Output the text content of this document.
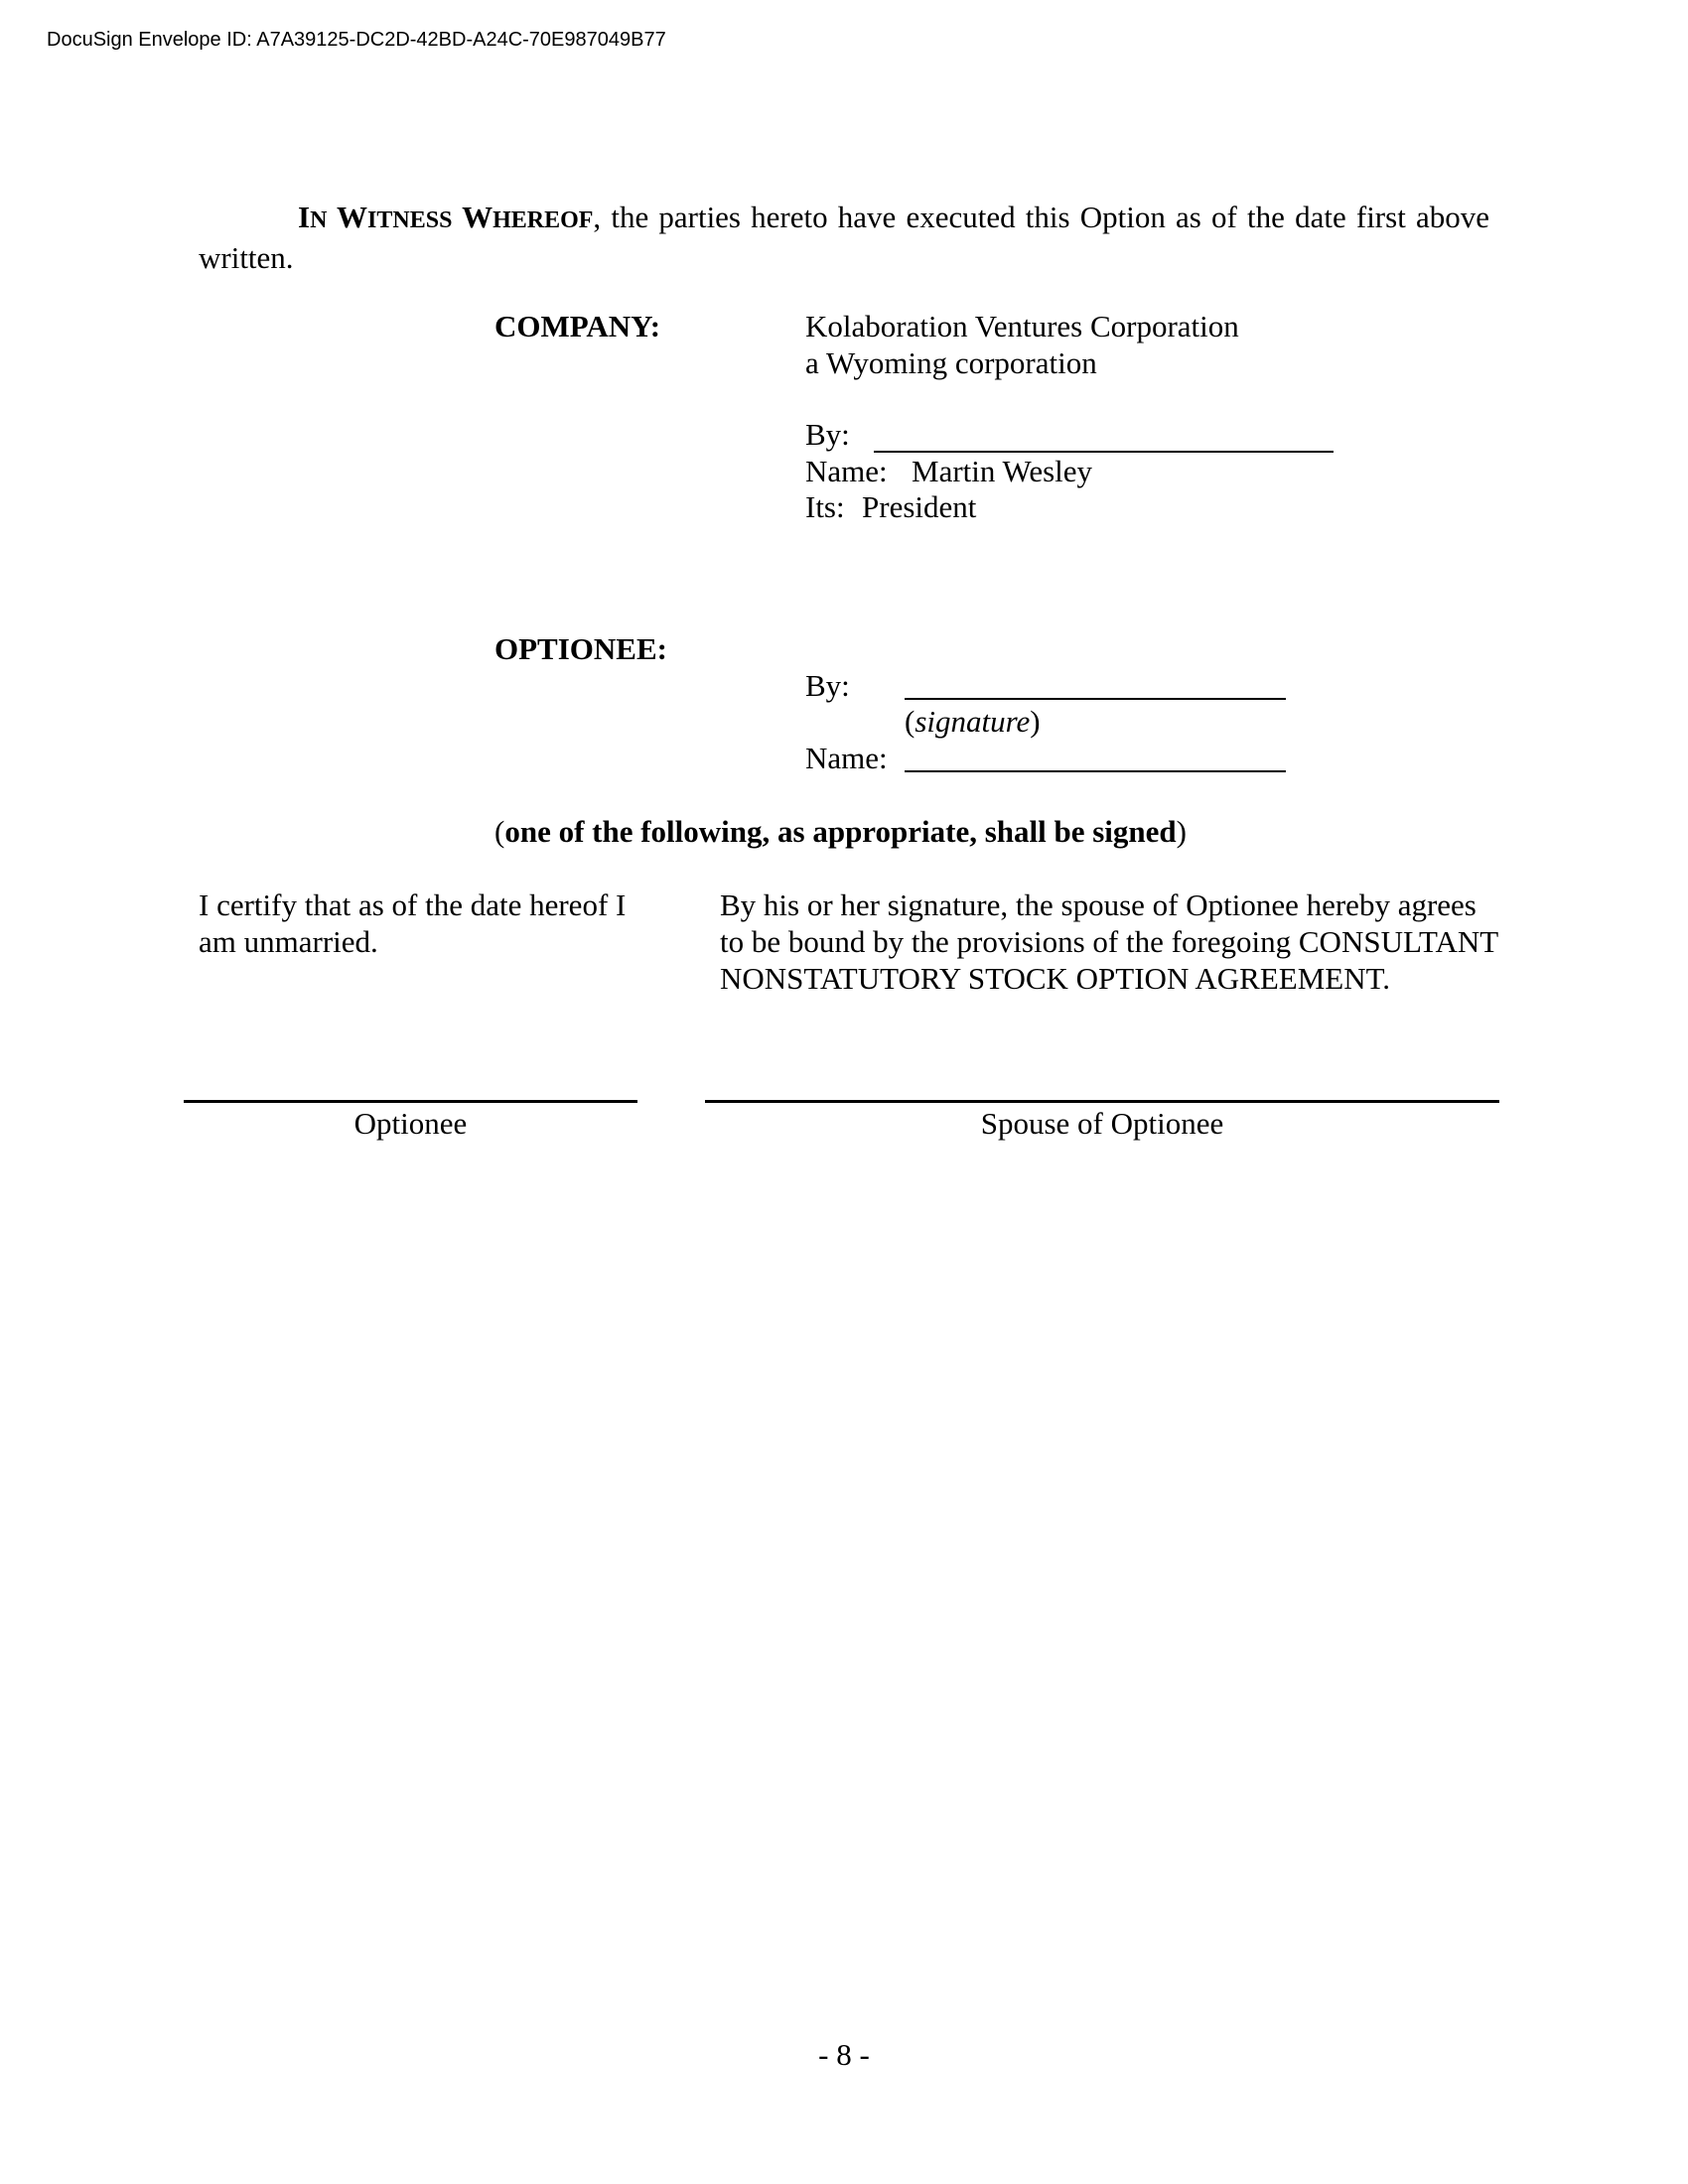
DocuSign Envelope ID: A7A39125-DC2D-42BD-A24C-70E987049B77
IN WITNESS WHEREOF, the parties hereto have executed this Option as of the date first above written.
COMPANY:	Kolaboration Ventures Corporation
a Wyoming corporation
By:
Name: Martin Wesley
Its: President
OPTIONEE:
By:
(signature)
Name:
(one of the following, as appropriate, shall be signed)
I certify that as of the date hereof I am unmarried.
By his or her signature, the spouse of Optionee hereby agrees to be bound by the provisions of the foregoing CONSULTANT NONSTATUTORY STOCK OPTION AGREEMENT.
Optionee	Spouse of Optionee
- 8 -
